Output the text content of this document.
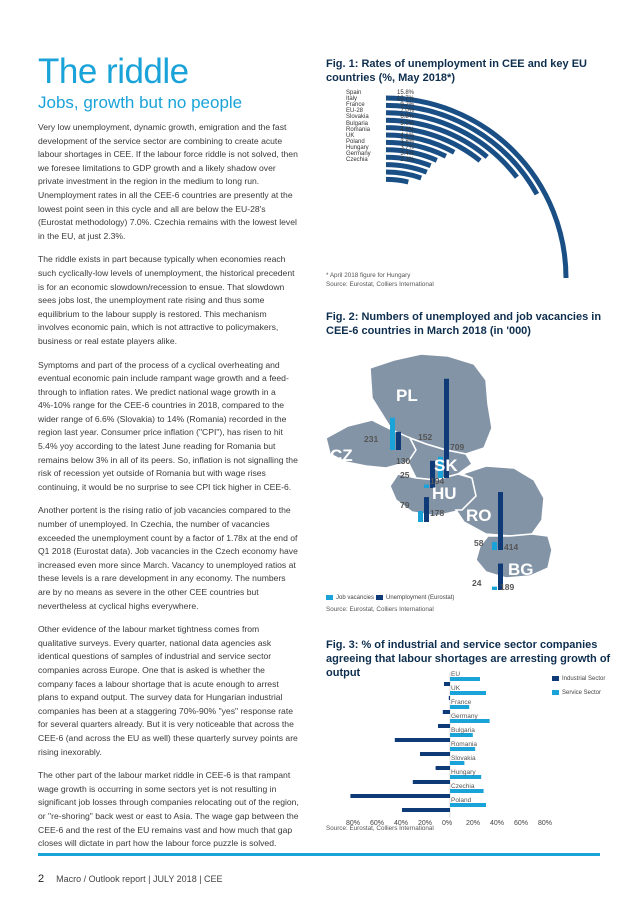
The riddle
Jobs, growth but no people

Very low unemployment, dynamic growth, emigration and the fast development of the service sector are combining to create acute labour shortages in CEE. If the labour force riddle is not solved, then we foresee limitations to GDP growth and a likely shadow over private investment in the region in the medium to long run. Unemployment rates in all the CEE-6 countries are presently at the lowest point seen in this cycle and all are below the EU-28's (Eurostat methodology) 7.0%. Czechia remains with the lowest level in the EU, at just 2.3%.

The riddle exists in part because typically when economies reach such cyclically-low levels of unemployment, the historical precedent is for an economic slowdown/recession to ensue. That slowdown sees jobs lost, the unemployment rate rising and thus some equilibrium to the labour supply is restored. This mechanism involves economic pain, which is not attractive to policymakers, business or real estate players alike.

Symptoms and part of the process of a cyclical overheating and eventual economic pain include rampant wage growth and a feed-through to inflation rates. We predict national wage growth in a 4%-10% range for the CEE-6 countries in 2018, compared to the wider range of 6.6% (Slovakia) to 14% (Romania) recorded in the region last year. Consumer price inflation ("CPI"), has risen to hit 5.4% yoy according to the latest June reading for Romania but remains below 3% in all of its peers. So, inflation is not signalling the risk of recession yet outside of Romania but with wage rises continuing, it would be no surprise to see CPI tick higher in CEE-6.

Another portent is the rising ratio of job vacancies compared to the number of unemployed. In Czechia, the number of vacancies exceeded the unemployment count by a factor of 1.78x at the end of Q1 2018 (Eurostat data). Job vacancies in the Czech economy have increased even more since March. Vacancy to unemployed ratios at these levels is a rare development in any economy. The numbers are by no means as severe in the other CEE countries but nevertheless at cyclical highs everywhere.

Other evidence of the labour market tightness comes from qualitative surveys. Every quarter, national data agencies ask identical questions of samples of industrial and service sector companies across Europe. One that is asked is whether the company faces a labour shortage that is acute enough to arrest plans to expand output. The survey data for Hungarian industrial companies has been at a staggering 70%-90% "yes" response rate for several quarters already. But it is very noticeable that across the CEE-6 (and across the EU as well) these quarterly survey points are rising inexorably.

The other part of the labour market riddle in CEE-6 is that rampant wage growth is occurring in some sectors yet is not resulting in significant job losses through companies relocating out of the region, or "re-shoring" back west or east to Asia. The wage gap between the CEE-6 and the rest of the EU remains vast and how much that gap closes will dictate in part how the labour force puzzle is solved.

Fig. 1: Rates of unemployment in CEE and key EU countries (%, May 2018*)
Spain	15.8%
Italy	10.7%
France	9.2%
EU-28	7.0%
Slovakia	6.8%
Bulgaria	5.0%
Romania	4.6%
UK	4.1%
Poland	3.8%
Hungary	3.7%
Germany	3.4%
Czechia	2.3%
* April 2018 figure for Hungary
Source: Eurostat, Colliers International
Fig. 2: Numbers of unemployed and job vacancies in CEE-6 countries in March 2018 (in '000)
PL
CZ
SK
HU
RO
BG
152
709
231
130
25
194
79
178
58 414
24 189
Job vacancies	Unemployment (Eurostat)
Source: Eurostat, Colliers International
Fig. 3: % of industrial and service sector companies agreeing that labour shortages are arresting growth of output
Industrial Sector
Service Sector
EU
UK
France
Germany
Bulgaria
Romania
Slovakia
Hungary
Czechia
Poland
80% 60% 40% 20% 0% 20% 40% 60% 80%
Source: Eurostat, Colliers International
2 Macro / Outlook report | JULY 2018 | CEE
